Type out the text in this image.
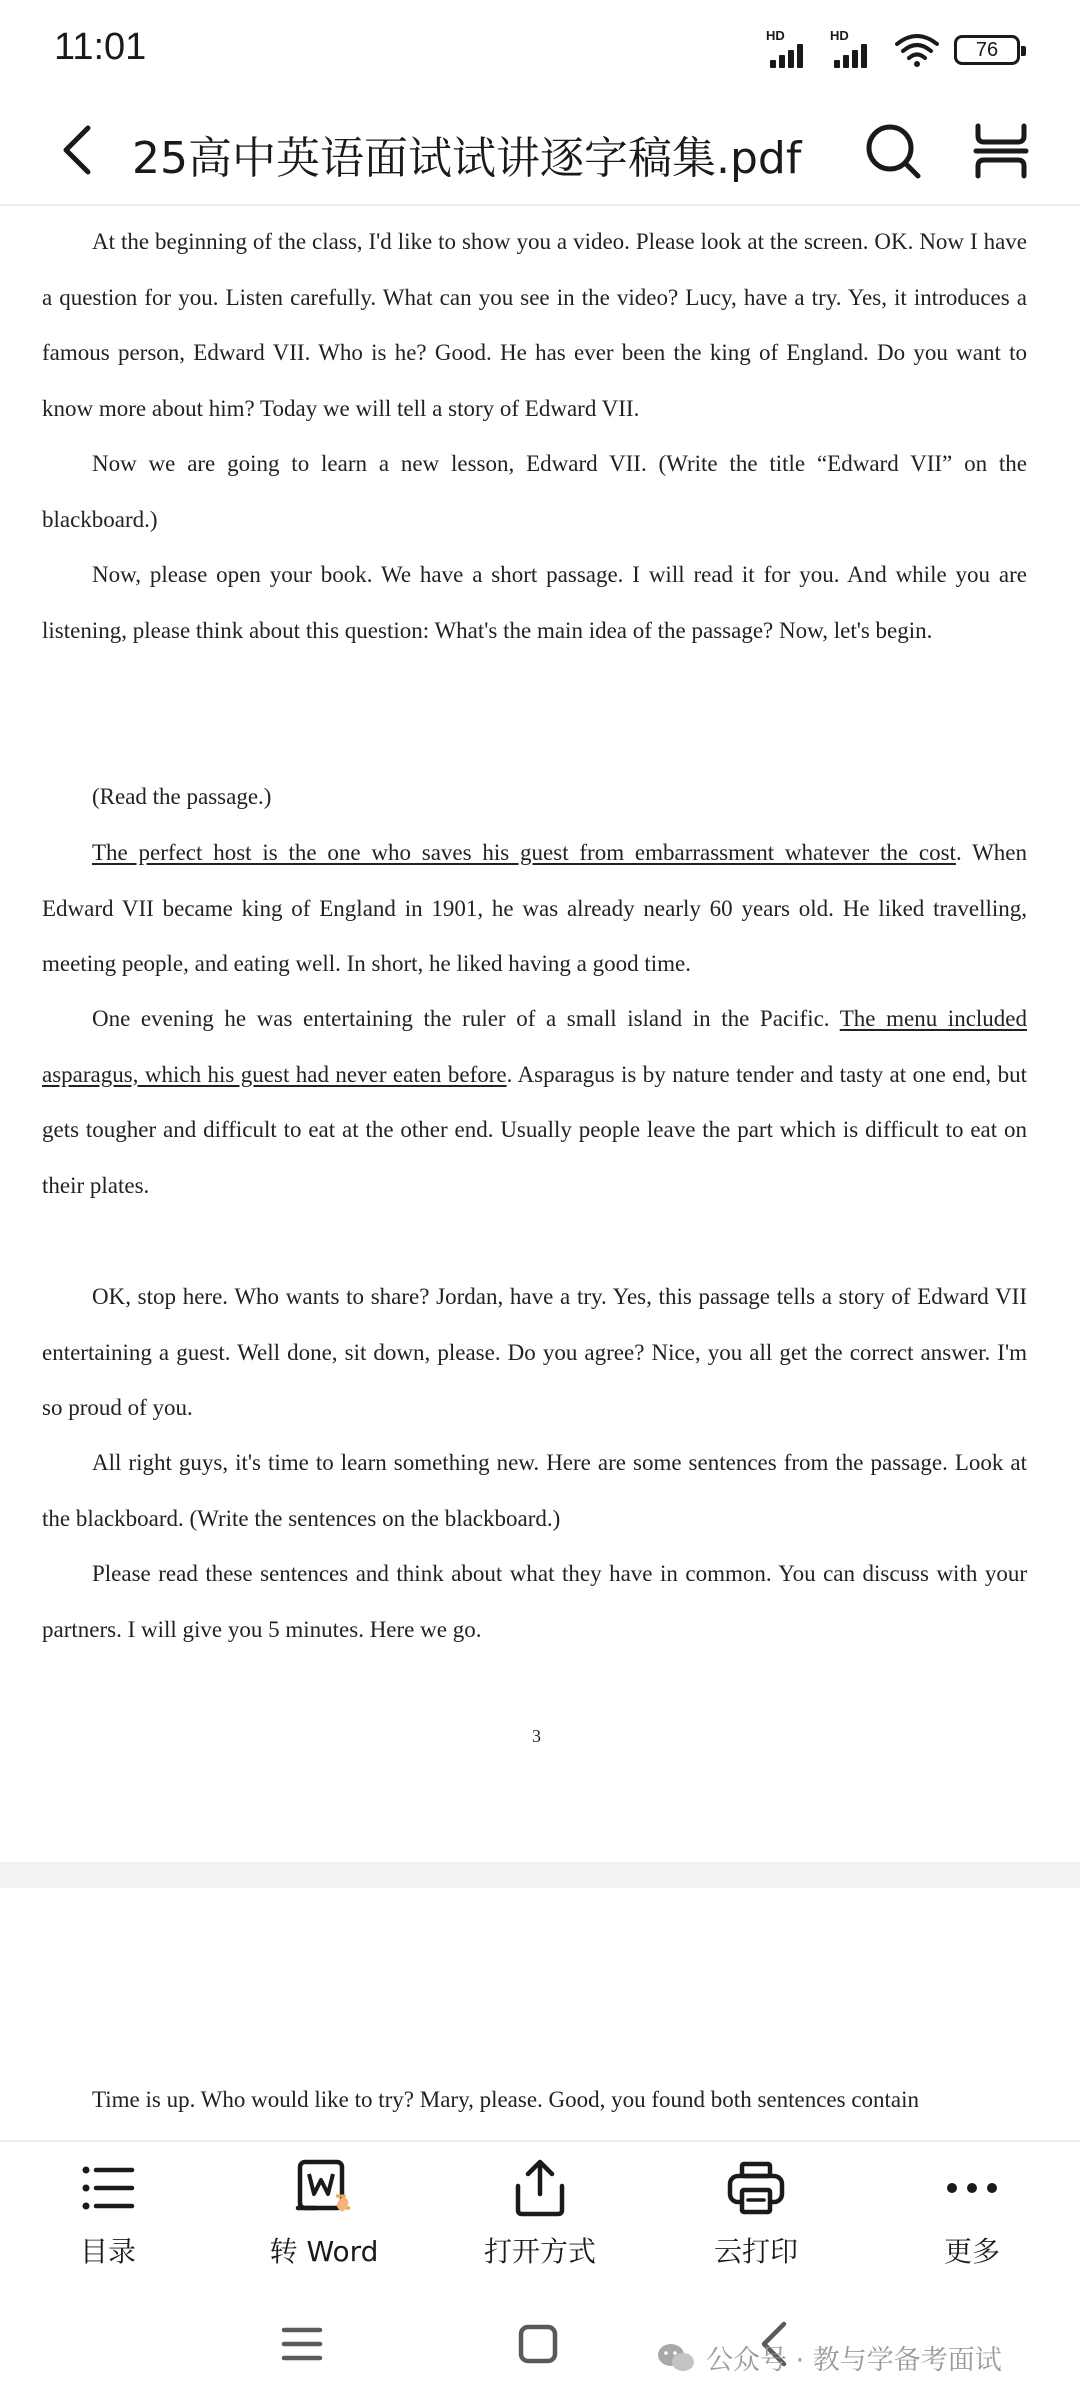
11:01	HD	HD
76
25高中英语面试试讲逐字稿集.pdf

At the beginning of the class, I'd like to show you a video. Please look at the screen. OK. Now I have a question for you. Listen carefully. What can you see in the video? Lucy, have a try. Yes, it introduces a famous person, Edward VII. Who is he? Good. He has ever been the king of England. Do you want to know more about him? Today we will tell a story of Edward VII.

Now we are going to learn a new lesson, Edward VII. (Write the title “Edward VII” on the blackboard.)

Now, please open your book. We have a short passage. I will read it for you. And while you are listening, please think about this question: What's the main idea of the passage? Now, let's begin.

(Read the passage.)

The perfect host is the one who saves his guest from embarrassment whatever the cost. When Edward VII became king of England in 1901, he was already nearly 60 years old. He liked travelling, meeting people, and eating well. In short, he liked having a good time.

One evening he was entertaining the ruler of a small island in the Pacific. The menu included asparagus, which his guest had never eaten before. Asparagus is by nature tender and tasty at one end, but gets tougher and difficult to eat at the other end. Usually people leave the part which is difficult to eat on their plates.

OK, stop here. Who wants to share? Jordan, have a try. Yes, this passage tells a story of Edward VII entertaining a guest. Well done, sit down, please. Do you agree? Nice, you all get the correct answer. I'm so proud of you.

All right guys, it's time to learn something new. Here are some sentences from the passage. Look at the blackboard. (Write the sentences on the blackboard.)

Please read these sentences and think about what they have in common. You can discuss with your partners. I will give you 5 minutes. Here we go.

3

Time is up. Who would like to try? Mary, please. Good, you found both sentences contain

目录	转 Word	打开方式	云打印	更多
公众号 · 教与学备考面试
